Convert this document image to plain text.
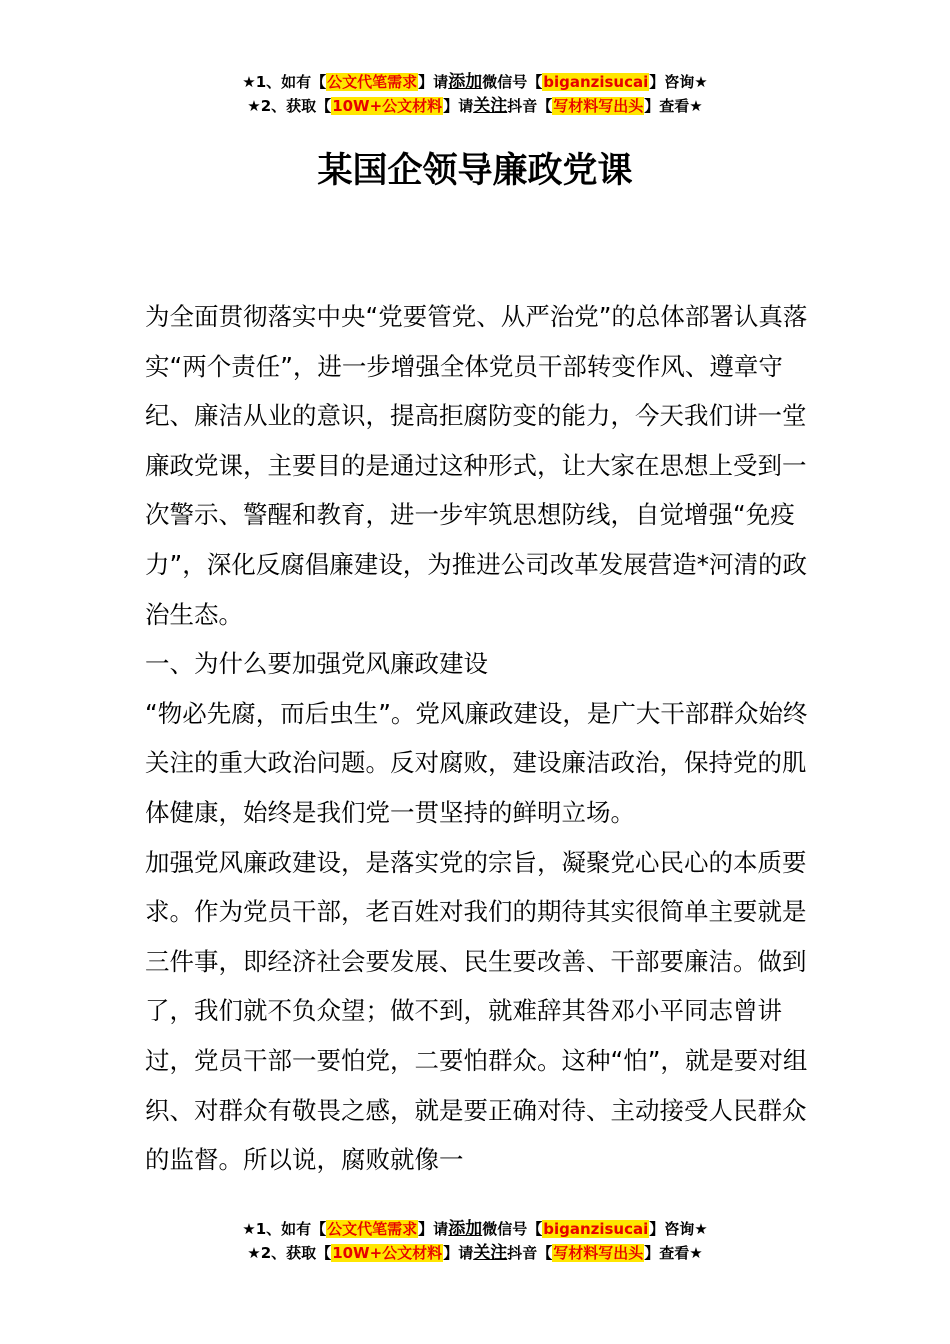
★1、如有【公文代笔需求】请添加微信号【biganzisucai】咨询★
★2、获取【10W+公文材料】请关注抖音【写材料写出头】查看★
某国企领导廉政党课

为全面贯彻落实中央“党要管党、从严治党”的总体部署认真落实“两个责任”，进一步增强全体党员干部转变作风、遵章守纪、廉洁从业的意识，提高拒腐防变的能力，今天我们讲一堂廉政党课，主要目的是通过这种形式，让大家在思想上受到一次警示、警醒和教育，进一步牢筑思想防线，自觉增强“免疫力”，深化反腐倡廉建设，为推进公司改革发展营造*河清的政治生态。

一、为什么要加强党风廉政建设

“物必先腐，而后虫生”。党风廉政建设，是广大干部群众始终关注的重大政治问题。反对腐败，建设廉洁政治，保持党的肌体健康，始终是我们党一贯坚持的鲜明立场。

加强党风廉政建设，是落实党的宗旨，凝聚党心民心的本质要求。作为党员干部，老百姓对我们的期待其实很简单主要就是三件事，即经济社会要发展、民生要改善、干部要廉洁。做到了，我们就不负众望；做不到，就难辞其咎邓小平同志曾讲过，党员干部一要怕党，二要怕群众。这种“怕”，就是要对组织、对群众有敬畏之感，就是要正确对待、主动接受人民群众的监督。所以说，腐败就像一

★1、如有【公文代笔需求】请添加微信号【biganzisucai】咨询★
★2、获取【10W+公文材料】请关注抖音【写材料写出头】查看★
